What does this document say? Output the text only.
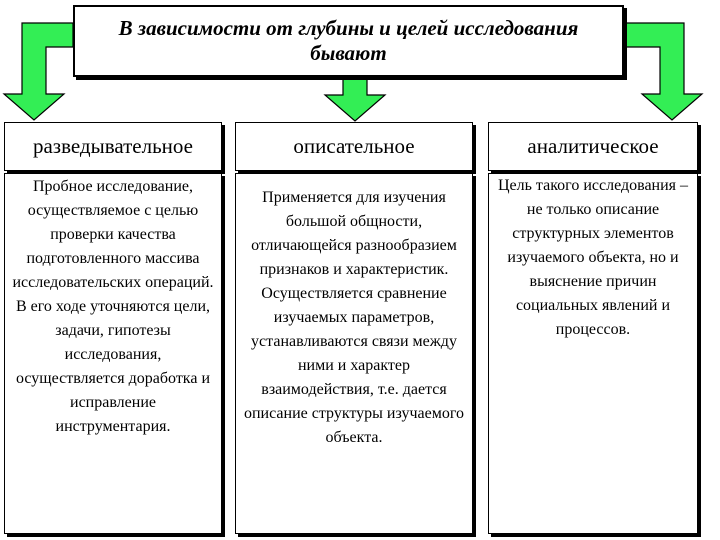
В зависимости от глубины и целей исследования бывают
разведывательное
Пробное исследование, осуществляемое с целью проверки качества подготовленного массива исследовательских операций. В его ходе уточняются цели, задачи, гипотезы исследования, осуществляется доработка и исправление инструментария.
описательное
Применяется для изучения большой общности, отличающейся разнообразием признаков и характеристик. Осуществляется сравнение изучаемых параметров, устанавливаются связи между ними и характер взаимодействия, т.е. дается описание структуры изучаемого объекта.
аналитическое
Цель такого исследования – не только описание структурных элементов изучаемого объекта, но и выяснение причин социальных явлений и процессов.
